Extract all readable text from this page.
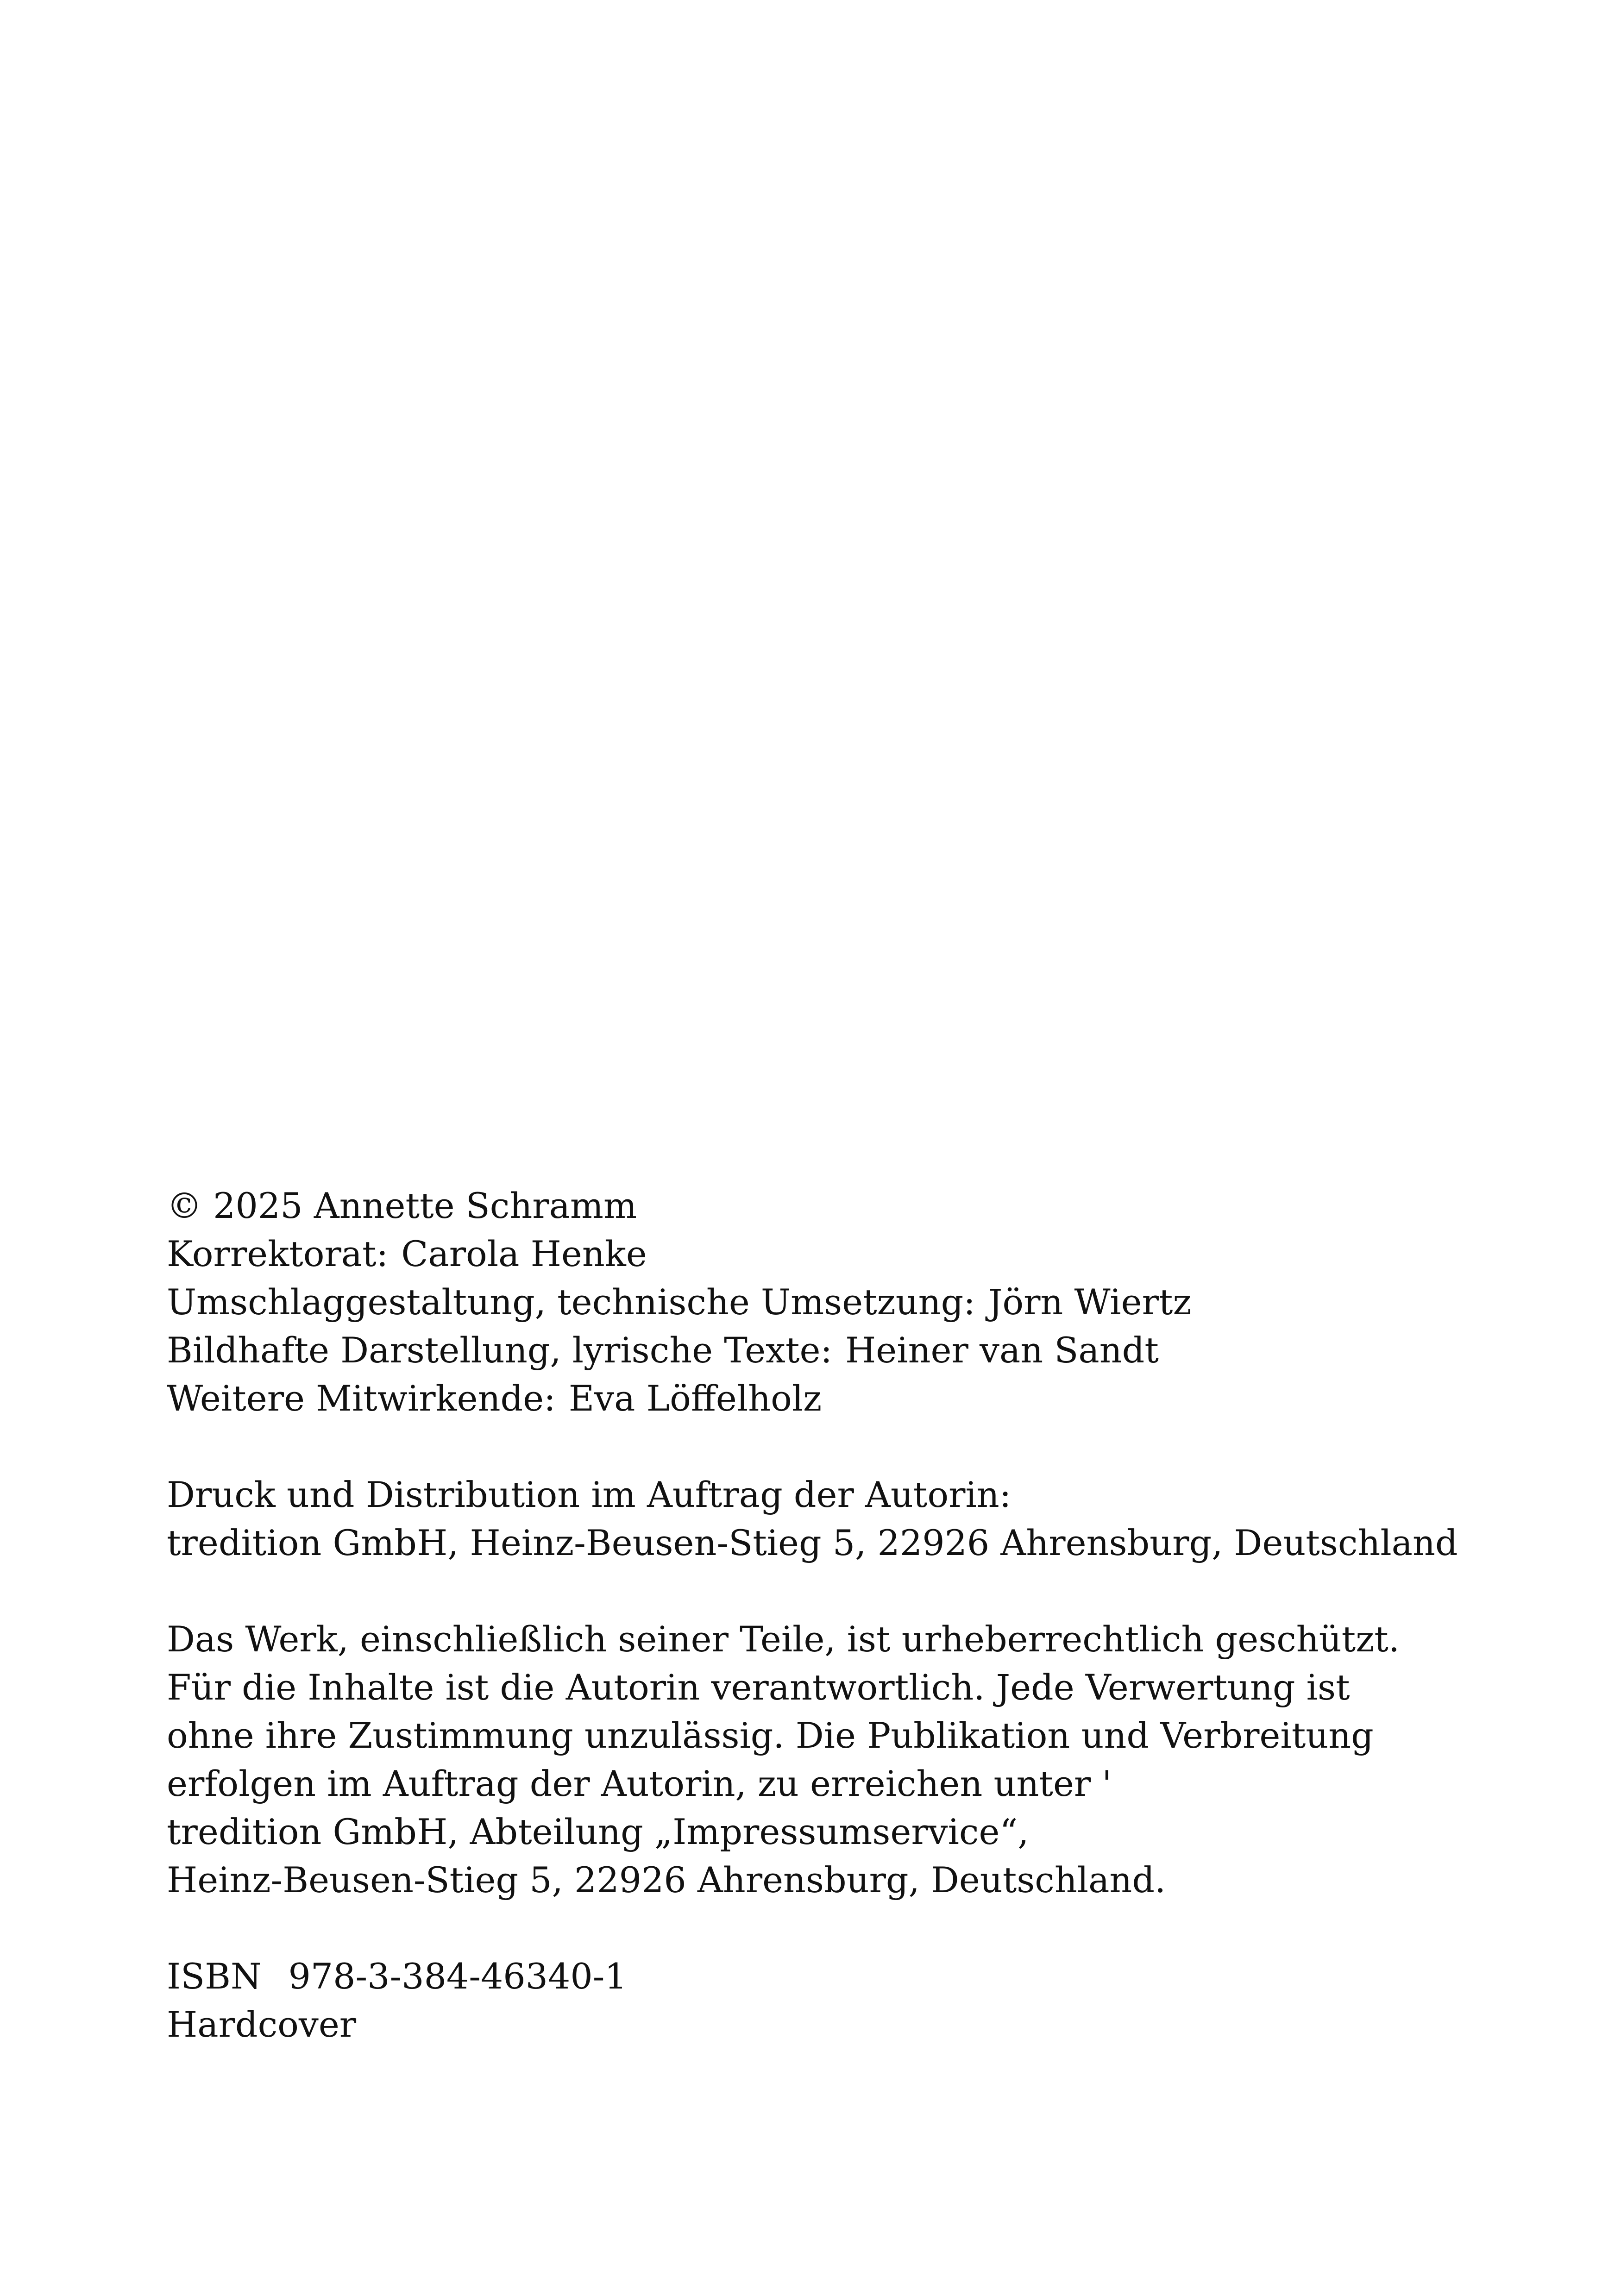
© 2025 Annette Schramm
Korrektorat: Carola Henke
Umschlaggestaltung, technische Umsetzung: Jörn Wiertz
Bildhafte Darstellung, lyrische Texte: Heiner van Sandt
Weitere Mitwirkende: Eva Löffelholz
Druck und Distribution im Auftrag der Autorin:
tredition GmbH, Heinz-Beusen-Stieg 5, 22926 Ahrensburg, Deutschland
Das Werk, einschließlich seiner Teile, ist urheberrechtlich geschützt.
Für die Inhalte ist die Autorin verantwortlich. Jede Verwertung ist
ohne ihre Zustimmung unzulässig. Die Publikation und Verbreitung
erfolgen im Auftrag der Autorin, zu erreichen unter '
tredition GmbH, Abteilung „Impressumservice“,
Heinz-Beusen-Stieg 5, 22926 Ahrensburg, Deutschland.
ISBN 978-3-384-46340-1
Hardcover
